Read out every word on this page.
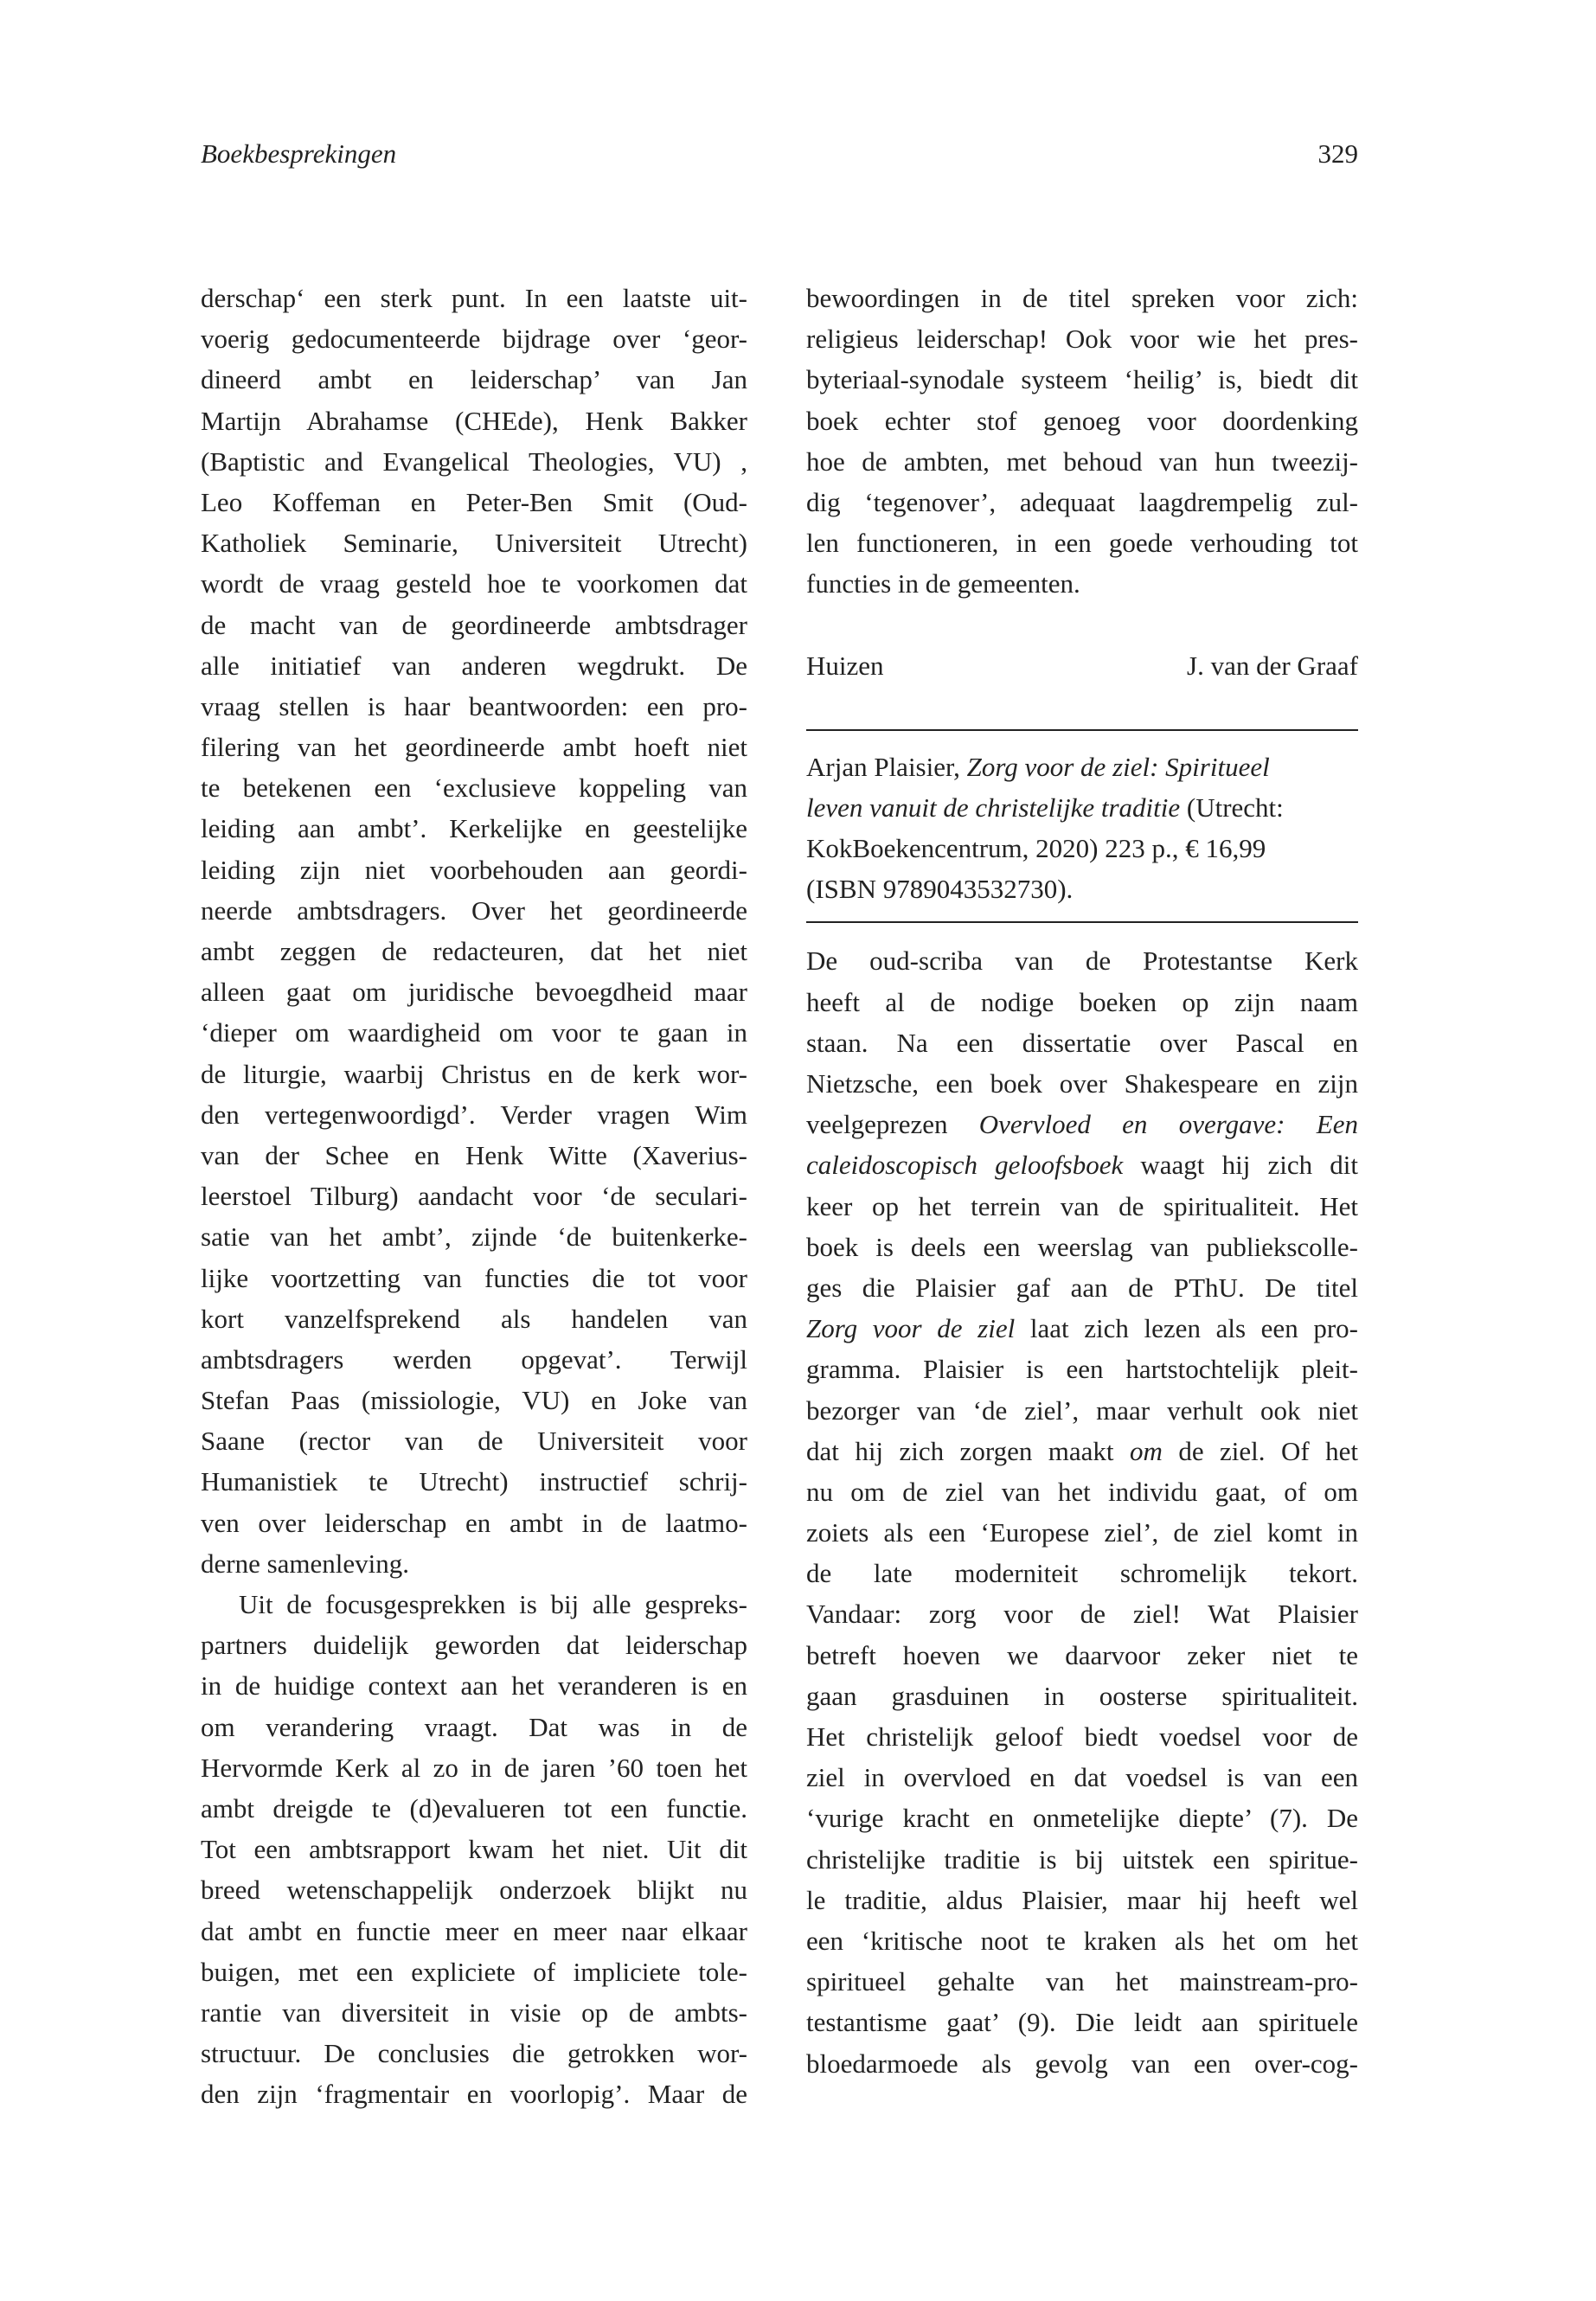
Boekbesprekingen	329
derschap‘ een sterk punt. In een laatste uit-
voerig gedocumenteerde bijdrage over ‘geor-
dineerd ambt en leiderschap’ van Jan
Martijn Abrahamse (CHEde), Henk Bakker
(Baptistic and Evangelical Theologies, VU) ,
Leo Koffeman en Peter-Ben Smit (Oud-
Katholiek Seminarie, Universiteit Utrecht)
wordt de vraag gesteld hoe te voorkomen dat
de macht van de geordineerde ambtsdrager
alle initiatief van anderen wegdrukt. De
vraag stellen is haar beantwoorden: een pro-
filering van het geordineerde ambt hoeft niet
te betekenen een ‘exclusieve koppeling van
leiding aan ambt’. Kerkelijke en geestelijke
leiding zijn niet voorbehouden aan geordi-
neerde ambtsdragers. Over het geordineerde
ambt zeggen de redacteuren, dat het niet
alleen gaat om juridische bevoegdheid maar
‘dieper om waardigheid om voor te gaan in
de liturgie, waarbij Christus en de kerk wor-
den vertegenwoordigd’. Verder vragen Wim
van der Schee en Henk Witte (Xaverius-
leerstoel Tilburg) aandacht voor ‘de seculari-
satie van het ambt’, zijnde ‘de buitenkerke-
lijke voortzetting van functies die tot voor
kort vanzelfsprekend als handelen van
ambtsdragers werden opgevat’. Terwijl
Stefan Paas (missiologie, VU) en Joke van
Saane (rector van de Universiteit voor
Humanistiek te Utrecht) instructief schrij-
ven over leiderschap en ambt in de laatmo-
derne samenleving.
Uit de focusgesprekken is bij alle gespreks-
partners duidelijk geworden dat leiderschap
in de huidige context aan het veranderen is en
om verandering vraagt. Dat was in de
Hervormde Kerk al zo in de jaren ’60 toen het
ambt dreigde te (d)evalueren tot een functie.
Tot een ambtsrapport kwam het niet. Uit dit
breed wetenschappelijk onderzoek blijkt nu
dat ambt en functie meer en meer naar elkaar
buigen, met een expliciete of impliciete tole-
rantie van diversiteit in visie op de ambts-
structuur. De conclusies die getrokken wor-
den zijn ‘fragmentair en voorlopig’. Maar de
bewoordingen in de titel spreken voor zich:
religieus leiderschap! Ook voor wie het pres-
byteriaal-synodale systeem ‘heilig’ is, biedt dit
boek echter stof genoeg voor doordenking
hoe de ambten, met behoud van hun tweezij-
dig ‘tegenover’, adequaat laagdrempelig zul-
len functioneren, in een goede verhouding tot
functies in de gemeenten.
Huizen	J. van der Graaf
Arjan Plaisier, Zorg voor de ziel: Spiritueel
leven vanuit de christelijke traditie (Utrecht:
KokBoekencentrum, 2020) 223 p., € 16,99
(ISBN 9789043532730).
De oud-scriba van de Protestantse Kerk
heeft al de nodige boeken op zijn naam
staan. Na een dissertatie over Pascal en
Nietzsche, een boek over Shakespeare en zijn
veelgeprezen Overvloed en overgave: Een
caleidoscopisch geloofsboek waagt hij zich dit
keer op het terrein van de spiritualiteit. Het
boek is deels een weerslag van publiekscolle-
ges die Plaisier gaf aan de PThU. De titel
Zorg voor de ziel laat zich lezen als een pro-
gramma. Plaisier is een hartstochtelijk pleit-
bezorger van ‘de ziel’, maar verhult ook niet
dat hij zich zorgen maakt om de ziel. Of het
nu om de ziel van het individu gaat, of om
zoiets als een ‘Europese ziel’, de ziel komt in
de late moderniteit schromelijk tekort.
Vandaar: zorg voor de ziel! Wat Plaisier
betreft hoeven we daarvoor zeker niet te
gaan grasduinen in oosterse spiritualiteit.
Het christelijk geloof biedt voedsel voor de
ziel in overvloed en dat voedsel is van een
‘vurige kracht en onmetelijke diepte’ (7). De
christelijke traditie is bij uitstek een spiritue-
le traditie, aldus Plaisier, maar hij heeft wel
een ‘kritische noot te kraken als het om het
spiritueel gehalte van het mainstream-pro-
testantisme gaat’ (9). Die leidt aan spirituele
bloedarmoede als gevolg van een over-cog-
